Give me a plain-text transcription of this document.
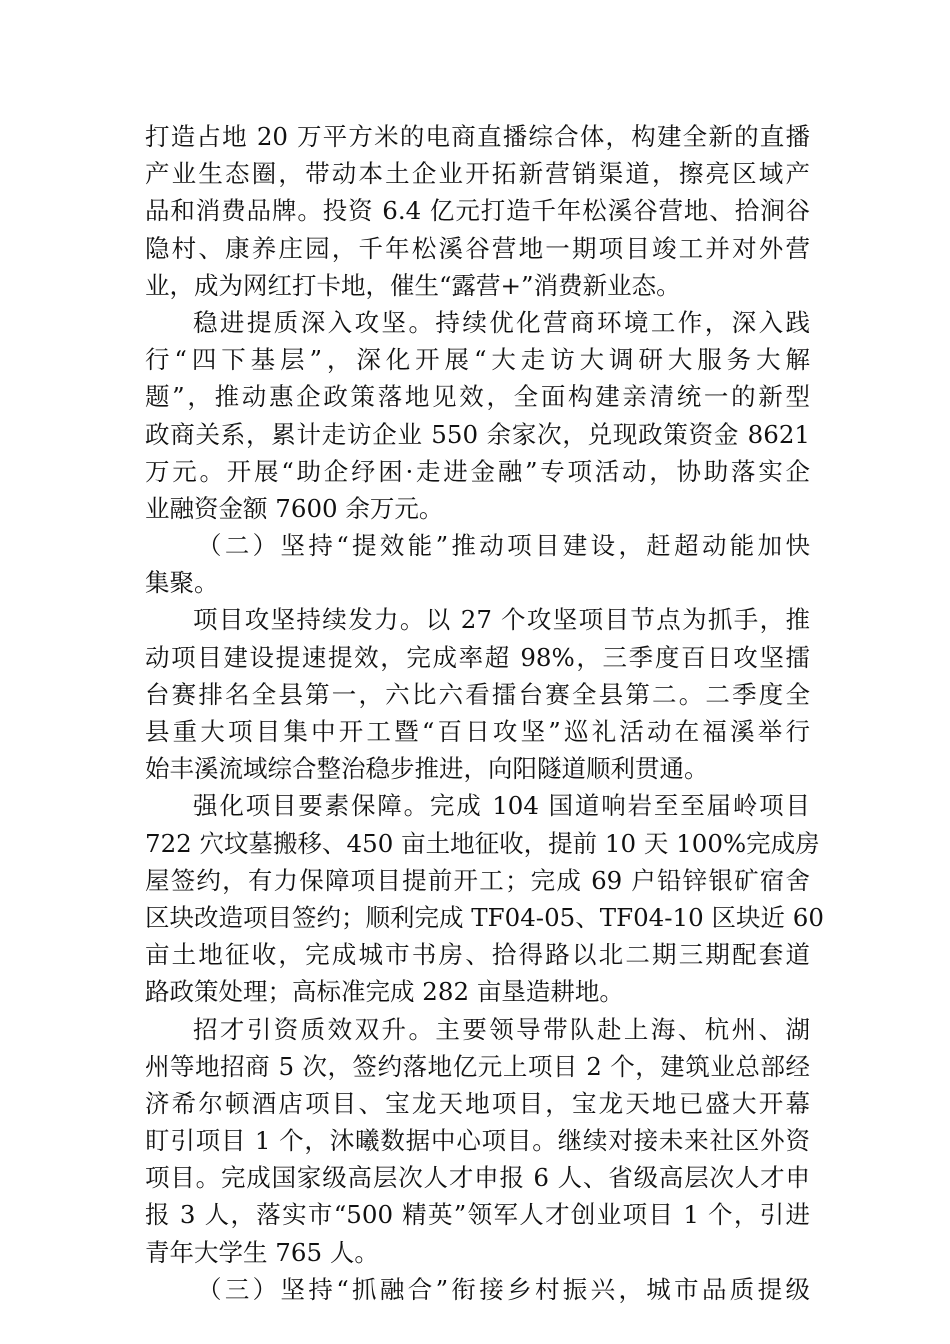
打造占地 20 万平方米的电商直播综合体，构建全新的直播
产业生态圈，带动本土企业开拓新营销渠道，擦亮区域产
品和消费品牌。投资 6.4 亿元打造千年松溪谷营地、拾涧谷
隐村、康养庄园，千年松溪谷营地一期项目竣工并对外营
业，成为网红打卡地，催生“露营+”消费新业态。
稳进提质深入攻坚。持续优化营商环境工作，深入践
行“四下基层”，深化开展“大走访大调研大服务大解
题”，推动惠企政策落地见效，全面构建亲清统一的新型
政商关系，累计走访企业 550 余家次，兑现政策资金 8621
万元。开展“助企纾困·走进金融”专项活动，协助落实企
业融资金额 7600 余万元。
（二）坚持“提效能”推动项目建设，赶超动能加快
集聚。
项目攻坚持续发力。以 27 个攻坚项目节点为抓手，推
动项目建设提速提效，完成率超 98%，三季度百日攻坚擂
台赛排名全县第一，六比六看擂台赛全县第二。二季度全
县重大项目集中开工暨“百日攻坚”巡礼活动在福溪举行
始丰溪流域综合整治稳步推进，向阳隧道顺利贯通。
强化项目要素保障。完成 104 国道响岩至至届岭项目
722 穴坟墓搬移、450 亩土地征收，提前 10 天 100%完成房
屋签约，有力保障项目提前开工；完成 69 户铅锌银矿宿舍
区块改造项目签约；顺利完成 TF04-05、TF04-10 区块近 60
亩土地征收，完成城市书房、拾得路以北二期三期配套道
路政策处理；高标准完成 282 亩垦造耕地。
招才引资质效双升。主要领导带队赴上海、杭州、湖
州等地招商 5 次，签约落地亿元上项目 2 个，建筑业总部经
济希尔顿酒店项目、宝龙天地项目，宝龙天地已盛大开幕
盯引项目 1 个，沐曦数据中心项目。继续对接未来社区外资
项目。完成国家级高层次人才申报 6 人、省级高层次人才申
报 3 人，落实市“500 精英”领军人才创业项目 1 个，引进
青年大学生 765 人。
（三）坚持“抓融合”衔接乡村振兴，城市品质提级
